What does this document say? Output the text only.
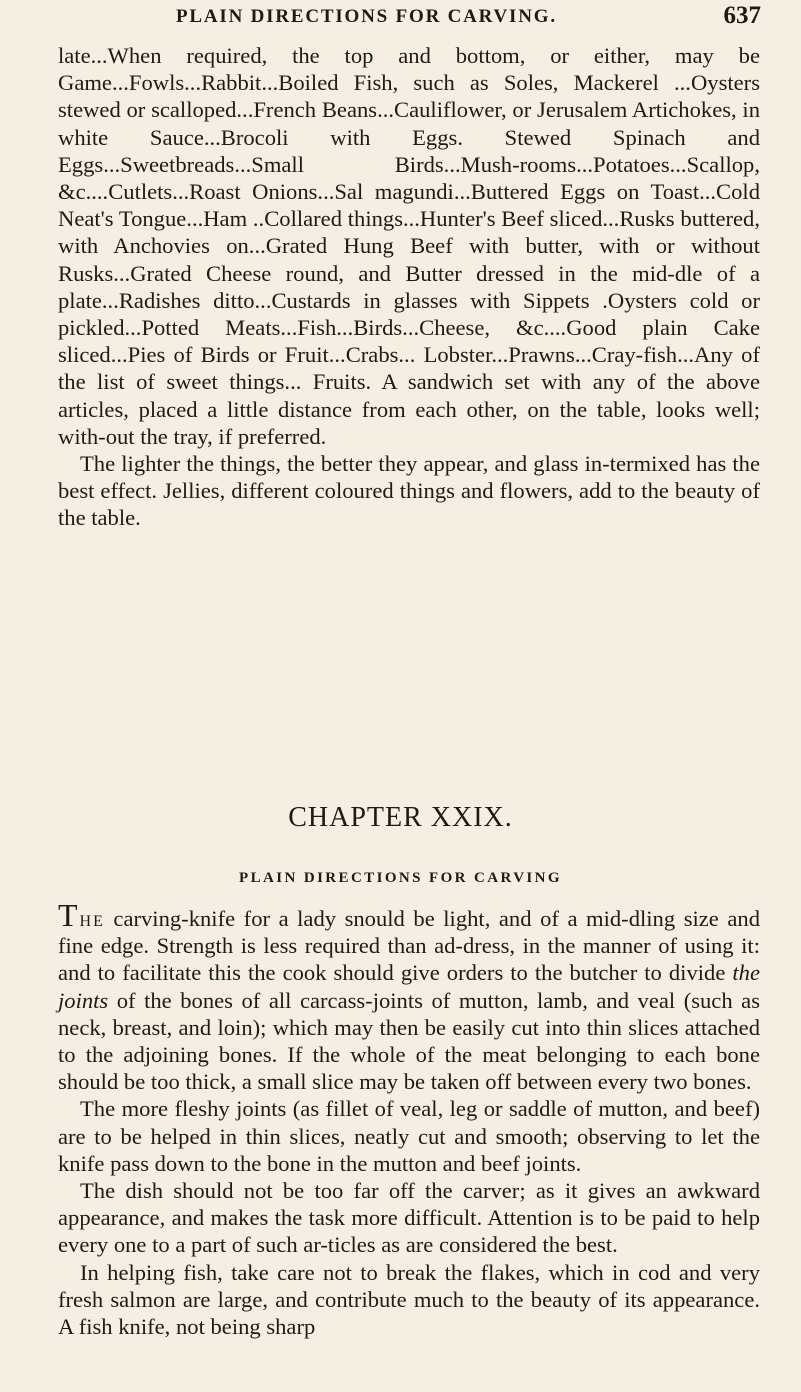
PLAIN DIRECTIONS FOR CARVING.	637

late...When required, the top and bottom, or either, may be Game...Fowls...Rabbit...Boiled Fish, such as Soles, Mackerel ...Oysters stewed or scalloped...French Beans...Cauliflower, or Jerusalem Artichokes, in white Sauce...Brocoli with Eggs. Stewed Spinach and Eggs...Sweetbreads...Small Birds...Mush-rooms...Potatoes...Scallop, &c....Cutlets...Roast Onions...Sal magundi...Buttered Eggs on Toast...Cold Neat's Tongue...Ham ..Collared things...Hunter's Beef sliced...Rusks buttered, with Anchovies on...Grated Hung Beef with butter, with or without Rusks...Grated Cheese round, and Butter dressed in the mid-dle of a plate...Radishes ditto...Custards in glasses with Sippets .Oysters cold or pickled...Potted Meats...Fish...Birds...Cheese, &c....Good plain Cake sliced...Pies of Birds or Fruit...Crabs... Lobster...Prawns...Cray-fish...Any of the list of sweet things... Fruits. A sandwich set with any of the above articles, placed a little distance from each other, on the table, looks well; with-out the tray, if preferred.

The lighter the things, the better they appear, and glass in-termixed has the best effect. Jellies, different coloured things and flowers, add to the beauty of the table.

CHAPTER XXIX.
PLAIN DIRECTIONS FOR CARVING

The carving-knife for a lady snould be light, and of a mid-dling size and fine edge. Strength is less required than ad-dress, in the manner of using it: and to facilitate this the cook should give orders to the butcher to divide the joints of the bones of all carcass-joints of mutton, lamb, and veal (such as neck, breast, and loin); which may then be easily cut into thin slices attached to the adjoining bones. If the whole of the meat belonging to each bone should be too thick, a small slice may be taken off between every two bones.

The more fleshy joints (as fillet of veal, leg or saddle of mutton, and beef) are to be helped in thin slices, neatly cut and smooth; observing to let the knife pass down to the bone in the mutton and beef joints.

The dish should not be too far off the carver; as it gives an awkward appearance, and makes the task more difficult. Attention is to be paid to help every one to a part of such ar-ticles as are considered the best.

In helping fish, take care not to break the flakes, which in cod and very fresh salmon are large, and contribute much to the beauty of its appearance. A fish knife, not being sharp
